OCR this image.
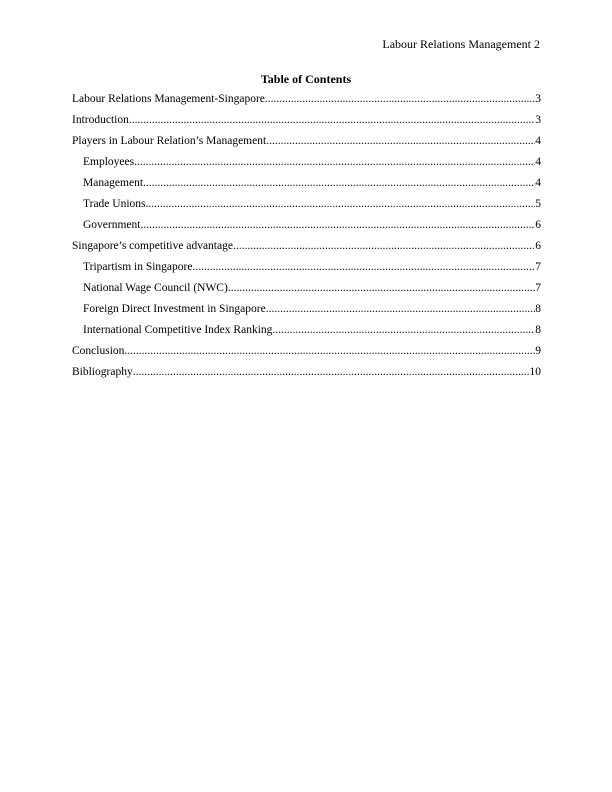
Labour Relations Management 2
Table of Contents
Labour Relations Management-Singapore .....	3
Introduction .....	3
Players in Labour Relation’s Management .....	4
Employees .....	4
Management .....	4
Trade Unions .....	5
Government .....	6
Singapore’s competitive advantage .....	6
Tripartism in Singapore .....	7
National Wage Council (NWC) .....	7
Foreign Direct Investment in Singapore .....	8
International Competitive Index Ranking .....	8
Conclusion .....	9
Bibliography .....	10
